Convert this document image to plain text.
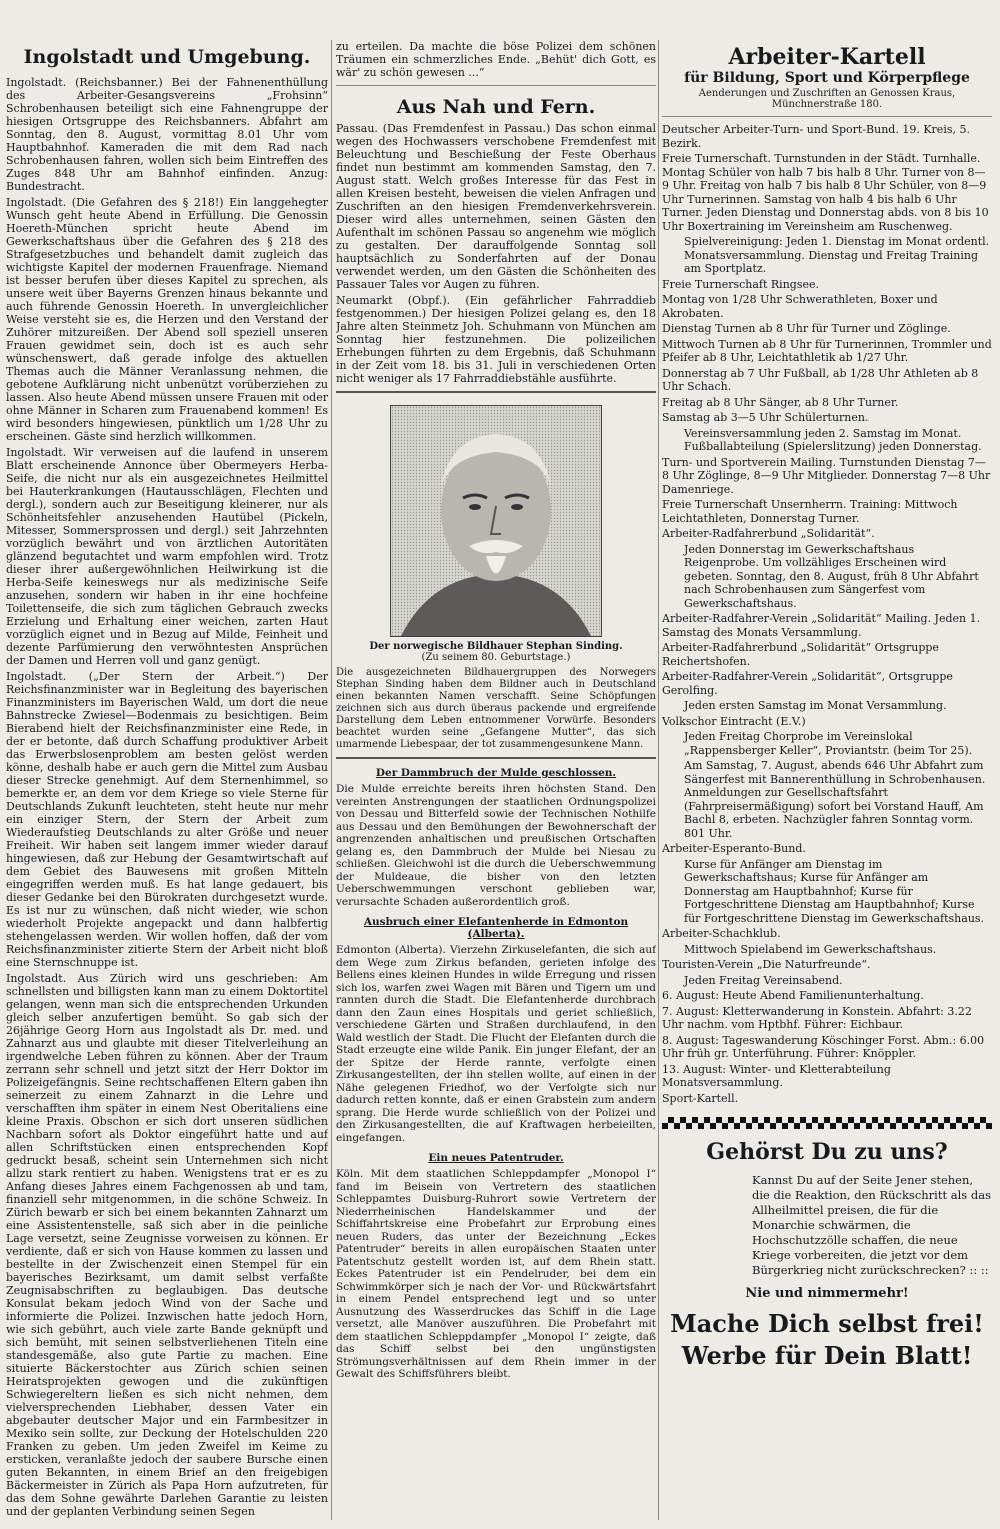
Ingolstadt und Umgebung.

Ingolstadt. (Reichsbanner.) Bei der Fahnenenthüllung des Arbeiter-Gesangsvereins „Frohsinn“ Schrobenhausen beteiligt sich eine Fahnengruppe der hiesigen Ortsgruppe des Reichsbanners. Abfahrt am Sonntag, den 8. August, vormittag 8.01 Uhr vom Hauptbahnhof. Kameraden die mit dem Rad nach Schrobenhausen fahren, wollen sich beim Eintreffen des Zuges 848 Uhr am Bahnhof einfinden. Anzug: Bundestracht.

Ingolstadt. (Die Gefahren des § 218!) Ein langgehegter Wunsch geht heute Abend in Erfüllung. Die Genossin Hoereth-München spricht heute Abend im Gewerkschaftshaus über die Gefahren des § 218 des Strafgesetzbuches und behandelt damit zugleich das wichtigste Kapitel der modernen Frauenfrage. Niemand ist besser berufen über dieses Kapitel zu sprechen, als unsere weit über Bayerns Grenzen hinaus bekannte und auch führende Genossin Hoereth. In unvergleichlicher Weise versteht sie es, die Herzen und den Verstand der Zuhörer mitzureißen. Der Abend soll speziell unseren Frauen gewidmet sein, doch ist es auch sehr wünschenswert, daß gerade infolge des aktuellen Themas auch die Männer Veranlassung nehmen, die gebotene Aufklärung nicht unbenützt vorüberziehen zu lassen. Also heute Abend müssen unsere Frauen mit oder ohne Männer in Scharen zum Frauenabend kommen! Es wird besonders hingewiesen, pünktlich um 1/28 Uhr zu erscheinen. Gäste sind herzlich willkommen.

Ingolstadt. Wir verweisen auf die laufend in unserem Blatt erscheinende Annonce über Obermeyers Herba-Seife, die nicht nur als ein ausgezeichnetes Heilmittel bei Hauterkrankungen (Hautausschlägen, Flechten und dergl.), sondern auch zur Beseitigung kleinerer, nur als Schönheitsfehler anzusehenden Hautübel (Pickeln, Mitesser, Sommersprossen und dergl.) seit Jahrzehnten vorzüglich bewährt und von ärztlichen Autoritäten glänzend begutachtet und warm empfohlen wird. Trotz dieser ihrer außergewöhnlichen Heilwirkung ist die Herba-Seife keineswegs nur als medizinische Seife anzusehen, sondern wir haben in ihr eine hochfeine Toilettenseife, die sich zum täglichen Gebrauch zwecks Erzielung und Erhaltung einer weichen, zarten Haut vorzüglich eignet und in Bezug auf Milde, Feinheit und dezente Parfümierung den verwöhntesten Ansprüchen der Damen und Herren voll und ganz genügt.

Ingolstadt. („Der Stern der Arbeit.“) Der Reichsfinanzminister war in Begleitung des bayerischen Finanzministers im Bayerischen Wald, um dort die neue Bahnstrecke Zwiesel—Bodenmais zu besichtigen. Beim Bierabend hielt der Reichsfinanzminister eine Rede, in der er betonte, daß durch Schaffung produktiver Arbeit das Erwerbslosenproblem am besten gelöst werden könne, deshalb habe er auch gern die Mittel zum Ausbau dieser Strecke genehmigt. Auf dem Sternenhimmel, so bemerkte er, an dem vor dem Kriege so viele Sterne für Deutschlands Zukunft leuchteten, steht heute nur mehr ein einziger Stern, der Stern der Arbeit zum Wiederaufstieg Deutschlands zu alter Größe und neuer Freiheit. Wir haben seit langem immer wieder darauf hingewiesen, daß zur Hebung der Gesamtwirtschaft auf dem Gebiet des Bauwesens mit großen Mitteln eingegriffen werden muß. Es hat lange gedauert, bis dieser Gedanke bei den Bürokraten durchgesetzt wurde. Es ist nur zu wünschen, daß nicht wieder, wie schon wiederholt Projekte angepackt und dann halbfertig stehengelassen werden. Wir wollen hoffen, daß der vom Reichsfinanzminister zitierte Stern der Arbeit nicht bloß eine Sternschnuppe ist.

Ingolstadt. Aus Zürich wird uns geschrieben: Am schnellsten und billigsten kann man zu einem Doktortitel gelangen, wenn man sich die entsprechenden Urkunden gleich selber anzufertigen bemüht. So gab sich der 26jährige Georg Horn aus Ingolstadt als Dr. med. und Zahnarzt aus und glaubte mit dieser Titelverleihung an irgendwelche Leben führen zu können. Aber der Traum zerrann sehr schnell und jetzt sitzt der Herr Doktor im Polizeigefängnis. Seine rechtschaffenen Eltern gaben ihn seinerzeit zu einem Zahnarzt in die Lehre und verschafften ihm später in einem Nest Oberitaliens eine kleine Praxis. Obschon er sich dort unseren südlichen Nachbarn sofort als Doktor eingeführt hatte und auf allen Schriftstücken einen entsprechenden Kopf gedruckt besaß, scheint sein Unternehmen sich nicht allzu stark rentiert zu haben. Wenigstens trat er es zu Anfang dieses Jahres einem Fachgenossen ab und tam, finanziell sehr mitgenommen, in die schöne Schweiz. In Zürich bewarb er sich bei einem bekannten Zahnarzt um eine Assistentenstelle, saß sich aber in die peinliche Lage versetzt, seine Zeugnisse vorweisen zu können. Er verdiente, daß er sich von Hause kommen zu lassen und bestellte in der Zwischenzeit einen Stempel für ein bayerisches Bezirksamt, um damit selbst verfaßte Zeugnisabschriften zu beglaubigen. Das deutsche Konsulat bekam jedoch Wind von der Sache und informierte die Polizei. Inzwischen hatte jedoch Horn, wie sich gebührt, auch viele zarte Bande geknüpft und sich bemüht, mit seinen selbstverliehenen Titeln eine standesgemäße, also gute Partie zu machen. Eine situierte Bäckerstochter aus Zürich schien seinen Heiratsprojekten gewogen und die zukünftigen Schwiegereltern ließen es sich nicht nehmen, dem vielversprechenden Liebhaber, dessen Vater ein abgebauter deutscher Major und ein Farmbesitzer in Mexiko sein sollte, zur Deckung der Hotelschulden 220 Franken zu geben. Um jeden Zweifel im Keime zu ersticken, veranlaßte jedoch der saubere Bursche einen guten Bekannten, in einem Brief an den freigebigen Bäckermeister in Zürich als Papa Horn aufzutreten, für das dem Sohne gewährte Darlehen Garantie zu leisten und der geplanten Verbindung seinen Segen

zu erteilen. Da machte die böse Polizei dem schönen Träumen ein schmerzliches Ende. „Behüt' dich Gott, es wär' zu schön gewesen ...“

Aus Nah und Fern.

Passau. (Das Fremdenfest in Passau.) Das schon einmal wegen des Hochwassers verschobene Fremdenfest mit Beleuchtung und Beschießung der Feste Oberhaus findet nun bestimmt am kommenden Samstag, den 7. August statt. Welch großes Interesse für das Fest in allen Kreisen besteht, beweisen die vielen Anfragen und Zuschriften an den hiesigen Fremdenverkehrsverein. Dieser wird alles unternehmen, seinen Gästen den Aufenthalt im schönen Passau so angenehm wie möglich zu gestalten. Der darauffolgende Sonntag soll hauptsächlich zu Sonderfahrten auf der Donau verwendet werden, um den Gästen die Schönheiten des Passauer Tales vor Augen zu führen.

Neumarkt (Obpf.). (Ein gefährlicher Fahrraddieb festgenommen.) Der hiesigen Polizei gelang es, den 18 Jahre alten Steinmetz Joh. Schuhmann von München am Sonntag hier festzunehmen. Die polizeilichen Erhebungen führten zu dem Ergebnis, daß Schuhmann in der Zeit vom 18. bis 31. Juli in verschiedenen Orten nicht weniger als 17 Fahrraddiebstähle ausführte.

Der norwegische Bildhauer Stephan Sinding.
(Zu seinem 80. Geburtstage.)
Die ausgezeichneten Bildhauergruppen des Norwegers Stephan Sinding haben dem Bildner auch in Deutschland einen bekannten Namen verschafft. Seine Schöpfungen zeichnen sich aus durch überaus packende und ergreifende Darstellung dem Leben entnommener Vorwürfe. Besonders beachtet wurden seine „Gefangene Mutter“, das sich umarmende Liebespaar, der tot zusammengesunkene Mann.
Der Dammbruch der Mulde geschlossen.
Die Mulde erreichte bereits ihren höchsten Stand. Den vereinten Anstrengungen der staatlichen Ordnungspolizei von Dessau und Bitterfeld sowie der Technischen Nothilfe aus Dessau und den Bemühungen der Bewohnerschaft der angrenzenden anhaltischen und preußischen Ortschaften gelang es, den Dammbruch der Mulde bei Niesau zu schließen. Gleichwohl ist die durch die Ueberschwemmung der Muldeaue, die bisher von den letzten Ueberschwemmungen verschont geblieben war, verursachte Schaden außerordentlich groß.
Ausbruch einer Elefantenherde in Edmonton (Alberta).
Edmonton (Alberta). Vierzehn Zirkuselefanten, die sich auf dem Wege zum Zirkus befanden, gerieten infolge des Bellens eines kleinen Hundes in wilde Erregung und rissen sich los, warfen zwei Wagen mit Bären und Tigern um und rannten durch die Stadt. Die Elefantenherde durchbrach dann den Zaun eines Hospitals und geriet schließlich, verschiedene Gärten und Straßen durchlaufend, in den Wald westlich der Stadt. Die Flucht der Elefanten durch die Stadt erzeugte eine wilde Panik. Ein junger Elefant, der an der Spitze der Herde rannte, verfolgte einen Zirkusangestellten, der ihn stellen wollte, auf einen in der Nähe gelegenen Friedhof, wo der Verfolgte sich nur dadurch retten konnte, daß er einen Grabstein zum andern sprang. Die Herde wurde schließlich von der Polizei und den Zirkusangestellten, die auf Kraftwagen herbeieilten, eingefangen.
Ein neues Patentruder.
Köln. Mit dem staatlichen Schleppdampfer „Monopol I“ fand im Beisein von Vertretern des staatlichen Schleppamtes Duisburg-Ruhrort sowie Vertretern der Niederrheinischen Handelskammer und der Schiffahrtskreise eine Probefahrt zur Erprobung eines neuen Ruders, das unter der Bezeichnung „Eckes Patentruder“ bereits in allen europäischen Staaten unter Patentschutz gestellt worden ist, auf dem Rhein statt. Eckes Patentruder ist ein Pendelruder, bei dem ein Schwimmkörper sich je nach der Vor- und Rückwärtsfahrt in einem Pendel entsprechend legt und so unter Ausnutzung des Wasserdruckes das Schiff in die Lage versetzt, alle Manöver auszuführen. Die Probefahrt mit dem staatlichen Schleppdampfer „Monopol I“ zeigte, daß das Schiff selbst bei den ungünstigsten Strömungsverhältnissen auf dem Rhein immer in der Gewalt des Schiffsführers bleibt.
Arbeiter-Kartell
für Bildung, Sport und Körperpflege
Aenderungen und Zuschriften an Genossen Kraus, Münchnerstraße 180.

Deutscher Arbeiter-Turn- und Sport-Bund. 19. Kreis, 5. Bezirk.

Freie Turnerschaft. Turnstunden in der Städt. Turnhalle. Montag Schüler von halb 7 bis halb 8 Uhr. Turner von 8—9 Uhr. Freitag von halb 7 bis halb 8 Uhr Schüler, von 8—9 Uhr Turnerinnen. Samstag von halb 4 bis halb 6 Uhr Turner. Jeden Dienstag und Donnerstag abds. von 8 bis 10 Uhr Boxertraining im Vereinsheim am Ruschenweg.

Spielvereinigung: Jeden 1. Dienstag im Monat ordentl. Monatsversammlung. Dienstag und Freitag Training am Sportplatz.

Freie Turnerschaft Ringsee.

Montag von 1/28 Uhr Schwerathleten, Boxer und Akrobaten.

Dienstag Turnen ab 8 Uhr für Turner und Zöglinge.

Mittwoch Turnen ab 8 Uhr für Turnerinnen, Trommler und Pfeifer ab 8 Uhr, Leichtathletik ab 1/27 Uhr.

Donnerstag ab 7 Uhr Fußball, ab 1/28 Uhr Athleten ab 8 Uhr Schach.

Freitag ab 8 Uhr Sänger, ab 8 Uhr Turner.

Samstag ab 3—5 Uhr Schülerturnen.

Vereinsversammlung jeden 2. Samstag im Monat. Fußballabteilung (Spielerslitzung) jeden Donnerstag.

Turn- und Sportverein Mailing. Turnstunden Dienstag 7—8 Uhr Zöglinge, 8—9 Uhr Mitglieder. Donnerstag 7—8 Uhr Damenriege.

Freie Turnerschaft Unsernherrn. Training: Mittwoch Leichtathleten, Donnerstag Turner.

Arbeiter-Radfahrerbund „Solidarität“.

Jeden Donnerstag im Gewerkschaftshaus Reigenprobe. Um vollzähliges Erscheinen wird gebeten. Sonntag, den 8. August, früh 8 Uhr Abfahrt nach Schrobenhausen zum Sängerfest vom Gewerkschaftshaus.

Arbeiter-Radfahrer-Verein „Solidarität“ Mailing. Jeden 1. Samstag des Monats Versammlung.

Arbeiter-Radfahrerbund „Solidarität“ Ortsgruppe Reichertshofen.

Arbeiter-Radfahrer-Verein „Solidarität“, Ortsgruppe Gerolfing.

Jeden ersten Samstag im Monat Versammlung.

Volkschor Eintracht (E.V.)

Jeden Freitag Chorprobe im Vereinslokal „Rappensberger Keller“, Proviantstr. (beim Tor 25).

Am Samstag, 7. August, abends 646 Uhr Abfahrt zum Sängerfest mit Bannerenthüllung in Schrobenhausen. Anmeldungen zur Gesellschaftsfahrt (Fahrpreisermäßigung) sofort bei Vorstand Hauff, Am Bachl 8, erbeten. Nachzügler fahren Sonntag vorm. 801 Uhr.

Arbeiter-Esperanto-Bund.

Kurse für Anfänger am Dienstag im Gewerkschaftshaus; Kurse für Anfänger am Donnerstag am Hauptbahnhof; Kurse für Fortgeschrittene Dienstag am Hauptbahnhof; Kurse für Fortgeschrittene Dienstag im Gewerkschaftshaus.

Arbeiter-Schachklub.

Mittwoch Spielabend im Gewerkschaftshaus.

Touristen-Verein „Die Naturfreunde“.

Jeden Freitag Vereinsabend.

6. August: Heute Abend Familienunterhaltung.

7. August: Kletterwanderung in Konstein. Abfahrt: 3.22 Uhr nachm. vom Hptbhf. Führer: Eichbaur.

8. August: Tageswanderung Köschinger Forst. Abm.: 6.00 Uhr früh gr. Unterführung. Führer: Knöppler.

13. August: Winter- und Kletterabteilung Monatsversammlung.

Sport-Kartell.

Gehörst Du zu uns?
Kannst Du auf der Seite Jener stehen, die die Reaktion, den Rückschritt als das Allheilmittel preisen, die für die Monarchie schwärmen, die Hochschutzzölle schaffen, die neue Kriege vorbereiten, die jetzt vor dem Bürgerkrieg nicht zurückschrecken? :: ::
Nie und nimmermehr!
Mache Dich selbst frei!
Werbe für Dein Blatt!
